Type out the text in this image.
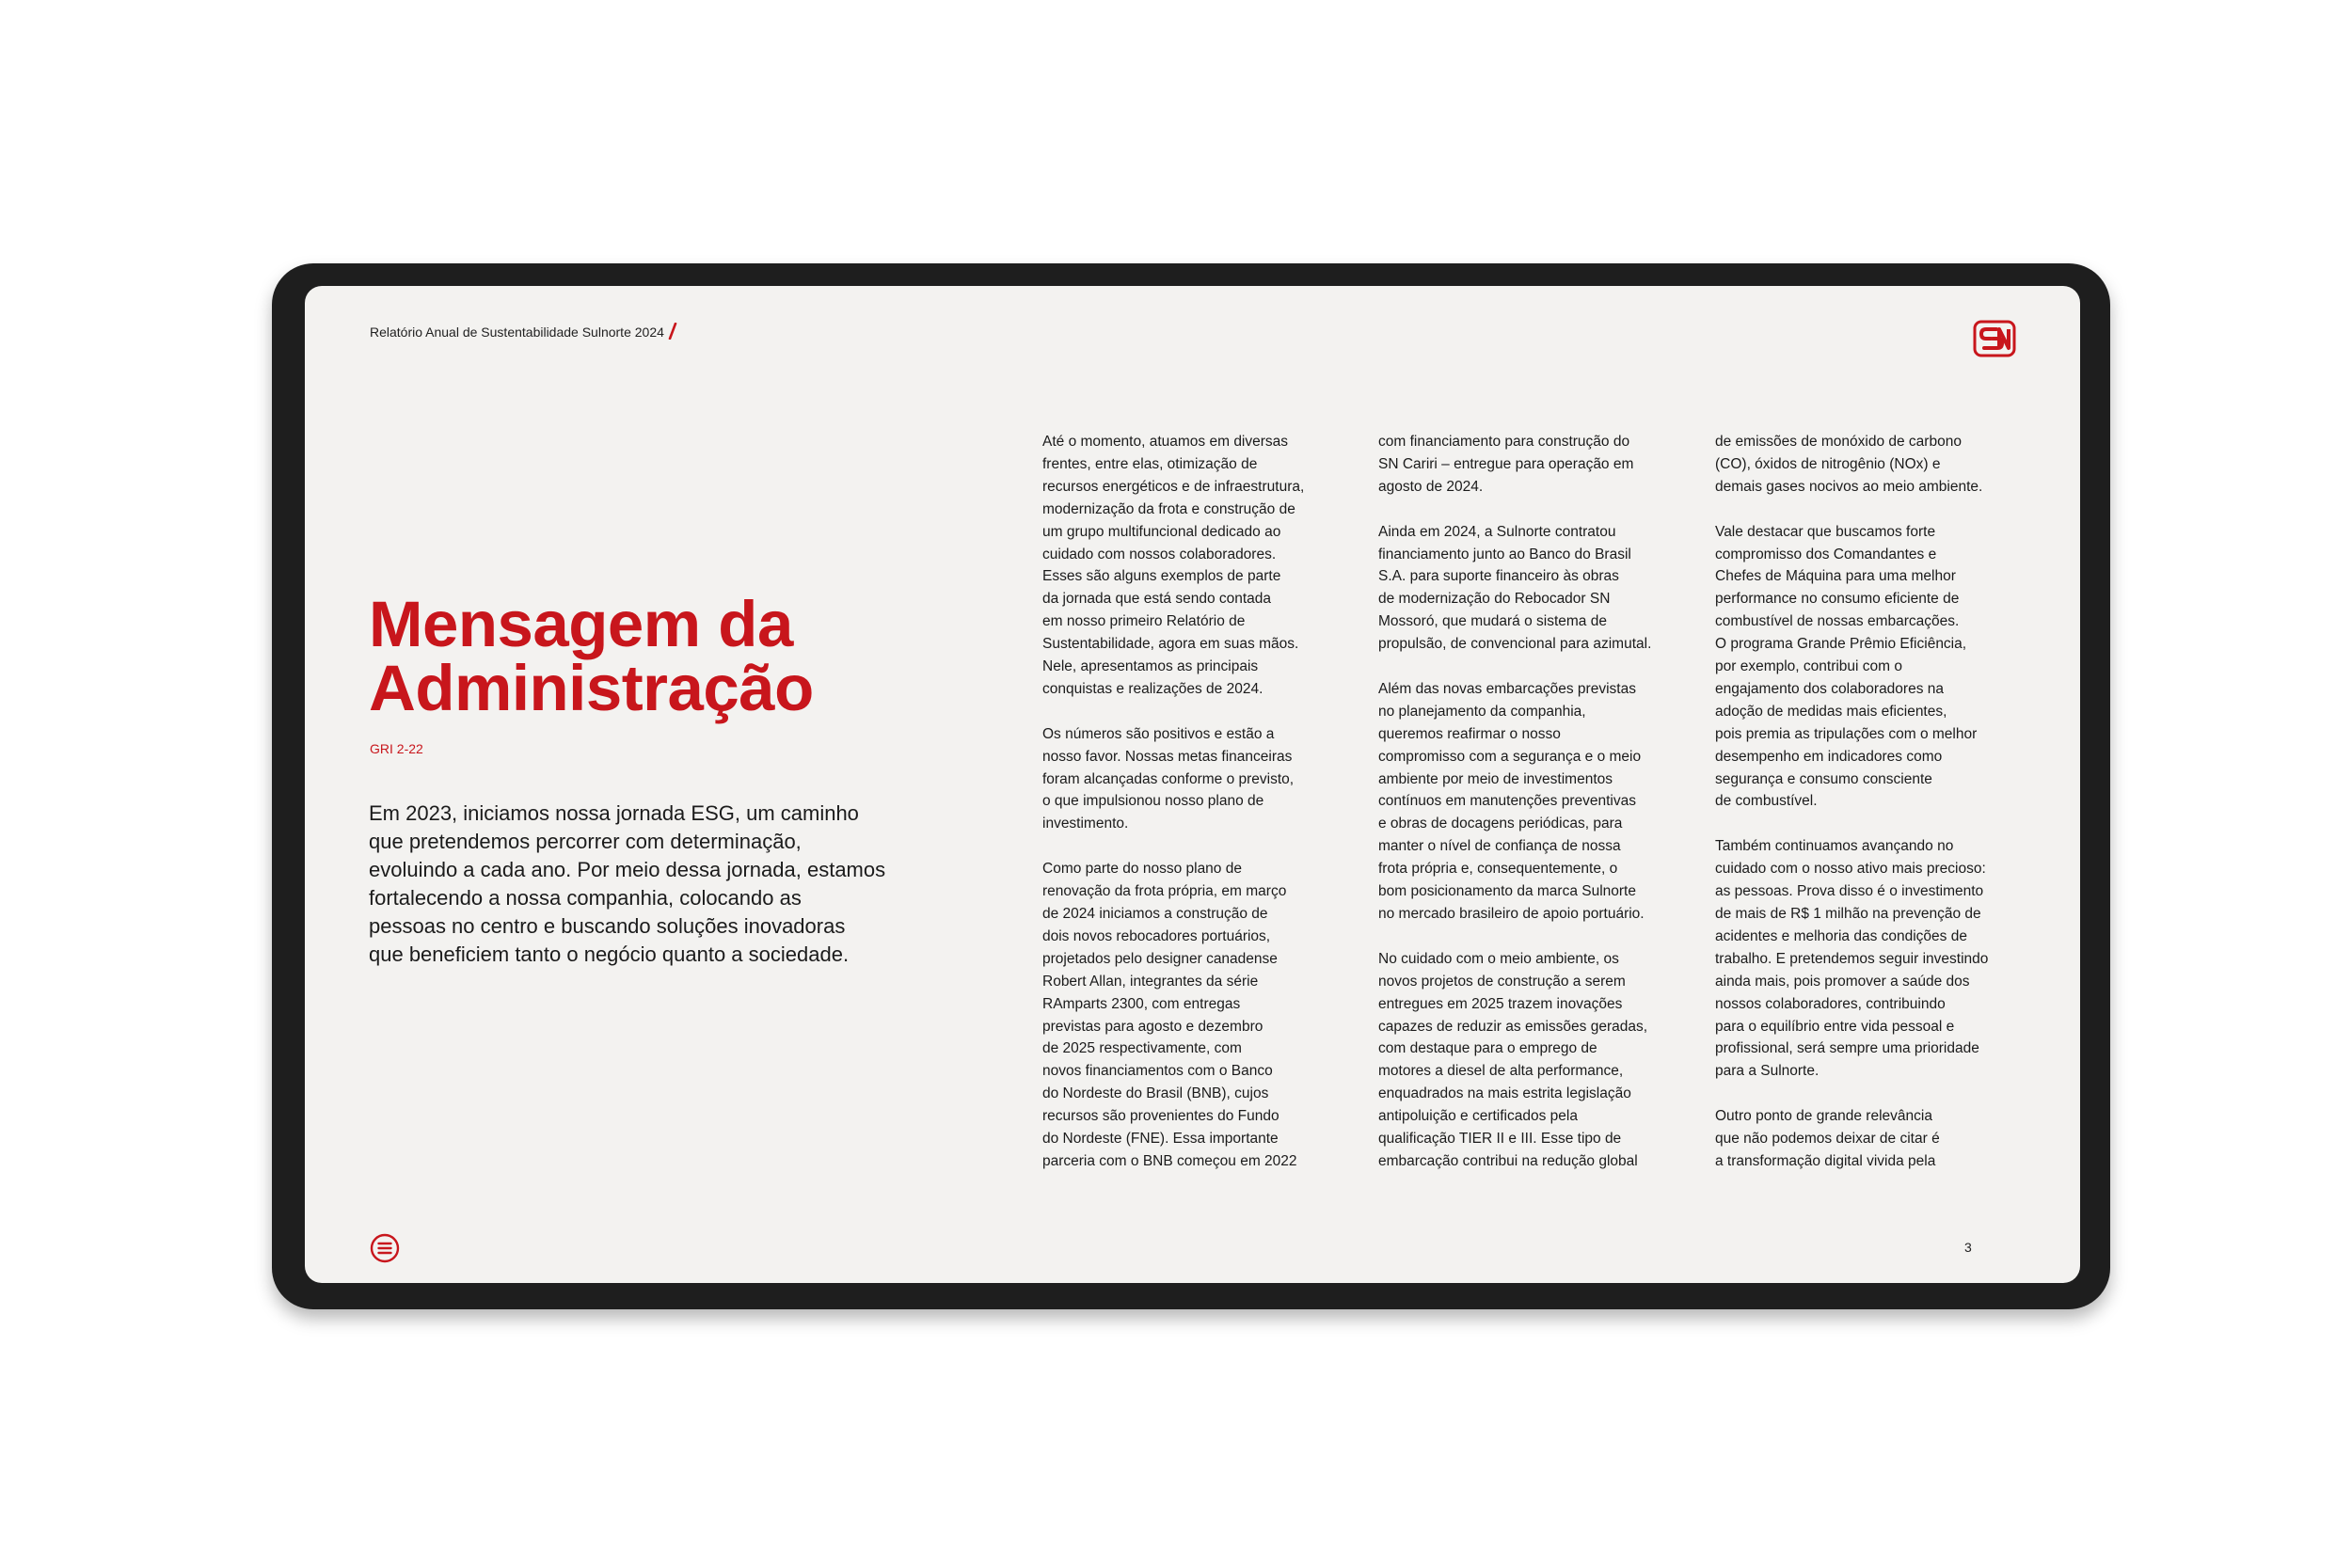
Relatório Anual de Sustentabilidade Sulnorte 2024
Mensagem da
Administração
GRI 2-22

Em 2023, iniciamos nossa jornada ESG, um caminho
que pretendemos percorrer com determinação,
evoluindo a cada ano. Por meio dessa jornada, estamos
fortalecendo a nossa companhia, colocando as
pessoas no centro e buscando soluções inovadoras
que beneficiem tanto o negócio quanto a sociedade.

Até o momento, atuamos em diversas
frentes, entre elas, otimização de
recursos energéticos e de infraestrutura,
modernização da frota e construção de
um grupo multifuncional dedicado ao
cuidado com nossos colaboradores.
Esses são alguns exemplos de parte
da jornada que está sendo contada
em nosso primeiro Relatório de
Sustentabilidade, agora em suas mãos.
Nele, apresentamos as principais
conquistas e realizações de 2024.

Os números são positivos e estão a
nosso favor. Nossas metas financeiras
foram alcançadas conforme o previsto,
o que impulsionou nosso plano de
investimento.

Como parte do nosso plano de
renovação da frota própria, em março
de 2024 iniciamos a construção de
dois novos rebocadores portuários,
projetados pelo designer canadense
Robert Allan, integrantes da série
RAmparts 2300, com entregas
previstas para agosto e dezembro
de 2025 respectivamente, com
novos financiamentos com o Banco
do Nordeste do Brasil (BNB), cujos
recursos são provenientes do Fundo
do Nordeste (FNE). Essa importante
parceria com o BNB começou em 2022

com financiamento para construção do
SN Cariri – entregue para operação em
agosto de 2024.

Ainda em 2024, a Sulnorte contratou
financiamento junto ao Banco do Brasil
S.A. para suporte financeiro às obras
de modernização do Rebocador SN
Mossoró, que mudará o sistema de
propulsão, de convencional para azimutal.

Além das novas embarcações previstas
no planejamento da companhia,
queremos reafirmar o nosso
compromisso com a segurança e o meio
ambiente por meio de investimentos
contínuos em manutenções preventivas
e obras de docagens periódicas, para
manter o nível de confiança de nossa
frota própria e, consequentemente, o
bom posicionamento da marca Sulnorte
no mercado brasileiro de apoio portuário.

No cuidado com o meio ambiente, os
novos projetos de construção a serem
entregues em 2025 trazem inovações
capazes de reduzir as emissões geradas,
com destaque para o emprego de
motores a diesel de alta performance,
enquadrados na mais estrita legislação
antipoluição e certificados pela
qualificação TIER II e III. Esse tipo de
embarcação contribui na redução global

de emissões de monóxido de carbono
(CO), óxidos de nitrogênio (NOx) e
demais gases nocivos ao meio ambiente.

Vale destacar que buscamos forte
compromisso dos Comandantes e
Chefes de Máquina para uma melhor
performance no consumo eficiente de
combustível de nossas embarcações.
O programa Grande Prêmio Eficiência,
por exemplo, contribui com o
engajamento dos colaboradores na
adoção de medidas mais eficientes,
pois premia as tripulações com o melhor
desempenho em indicadores como
segurança e consumo consciente
de combustível.

Também continuamos avançando no
cuidado com o nosso ativo mais precioso:
as pessoas. Prova disso é o investimento
de mais de R$ 1 milhão na prevenção de
acidentes e melhoria das condições de
trabalho. E pretendemos seguir investindo
ainda mais, pois promover a saúde dos
nossos colaboradores, contribuindo
para o equilíbrio entre vida pessoal e
profissional, será sempre uma prioridade
para a Sulnorte.

Outro ponto de grande relevância
que não podemos deixar de citar é
a transformação digital vivida pela

3
